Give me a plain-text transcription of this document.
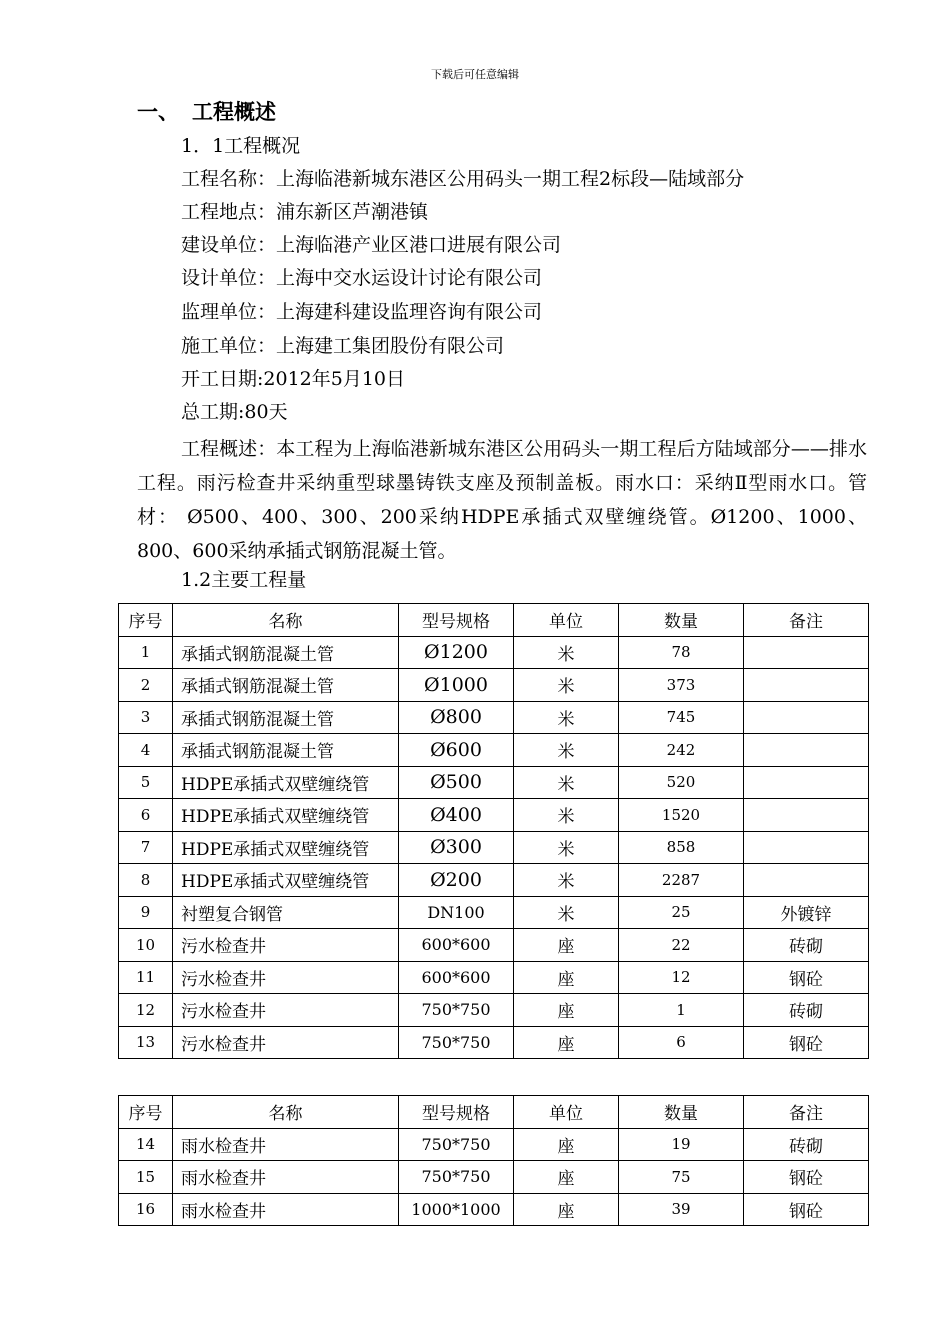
下载后可任意编辑
一、 工程概述
1．1工程概况
工程名称：上海临港新城东港区公用码头一期工程2标段—陆域部分
工程地点：浦东新区芦潮港镇
建设单位：上海临港产业区港口进展有限公司
设计单位：上海中交水运设计讨论有限公司
监理单位：上海建科建设监理咨询有限公司
施工单位：上海建工集团股份有限公司
开工日期:2012年5月10日
总工期:80天
工程概述：本工程为上海临港新城东港区公用码头一期工程后方陆域部分——排水工程。雨污检查井采纳重型球墨铸铁支座及预制盖板。雨水口：采纳Ⅱ型雨水口。管材： Ø500、400、300、200采纳HDPE承插式双壁缠绕管。Ø1200、1000、800、600采纳承插式钢筋混凝土管。
1.2主要工程量
序号	名称	型号规格	单位	数量	备注
1	承插式钢筋混凝土管	Ø1200	米	78	
2	承插式钢筋混凝土管	Ø1000	米	373	
3	承插式钢筋混凝土管	Ø800	米	745	
4	承插式钢筋混凝土管	Ø600	米	242	
5	HDPE承插式双壁缠绕管	Ø500	米	520	
6	HDPE承插式双壁缠绕管	Ø400	米	1520	
7	HDPE承插式双壁缠绕管	Ø300	米	858	
8	HDPE承插式双壁缠绕管	Ø200	米	2287	
9	衬塑复合钢管	DN100	米	25	外镀锌
10	污水检查井	600*600	座	22	砖砌
11	污水检查井	600*600	座	12	钢砼
12	污水检查井	750*750	座	1	砖砌
13	污水检查井	750*750	座	6	钢砼
序号	名称	型号规格	单位	数量	备注
14	雨水检查井	750*750	座	19	砖砌
15	雨水检查井	750*750	座	75	钢砼
16	雨水检查井	1000*1000	座	39	钢砼
